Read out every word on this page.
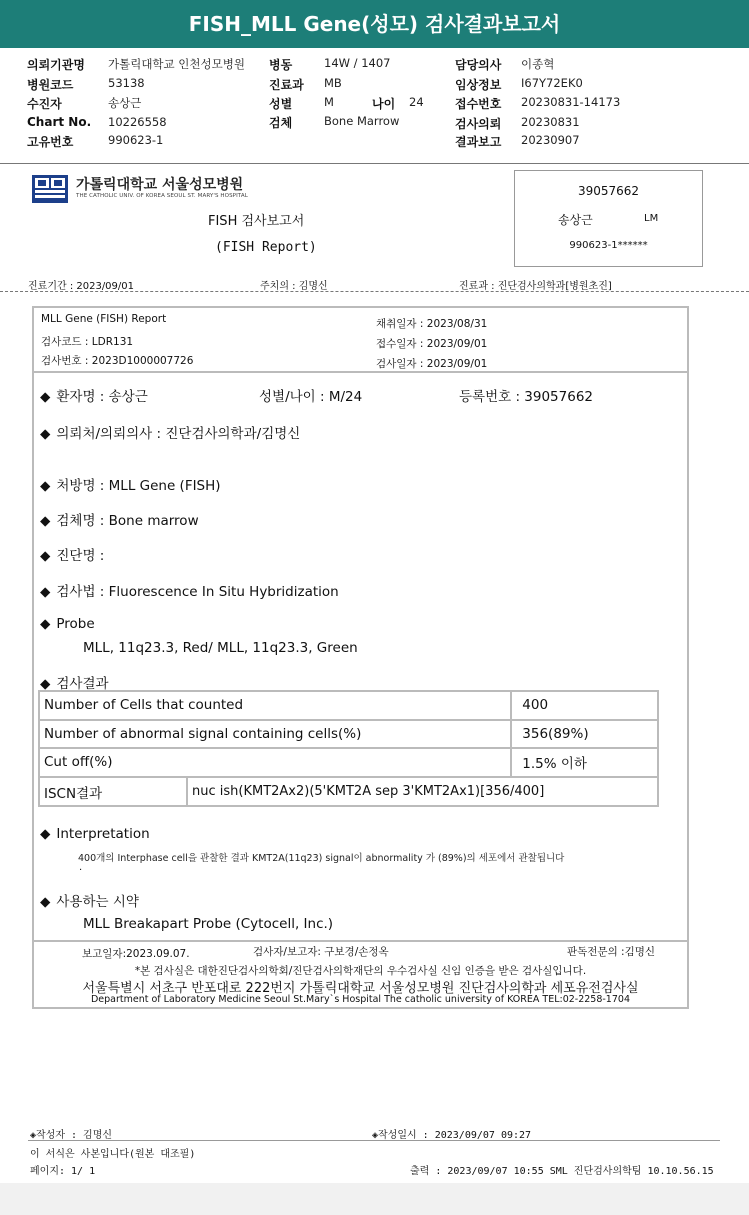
FISH_MLL Gene(성모) 검사결과보고서
의뢰기관명 가톨릭대학교 인천성모병원
병원코드	53138
수진자	송상근
Chart No. 10226558
고유번호	990623-1
병동	14W / 1407
진료과 MB
성별	M	나이 24
검체	Bone Marrow
담당의사 이종혁
임상정보 I67Y72EK0
접수번호 20230831-14173
검사의뢰 20230831
결과보고 20230907
가톨릭대학교 서울성모병원
THE CATHOLIC UNIV. OF KOREA SEOUL ST. MARY'S HOSPITAL
FISH 검사보고서
(FISH Report)
39057662
송상근	LM
990623-1******
진료기간 : 2023/09/01	주치의 : 김명신	진료과 : 진단검사의학과[병원초진]
MLL Gene (FISH) Report
검사코드 : LDR131
검사번호 : 2023D1000007726
채취일자 : 2023/08/31
접수일자 : 2023/09/01
검사일자 : 2023/09/01
◆ 환자명 : 송상근	성별/나이 : M/24	등록번호 : 39057662
◆ 의뢰처/의뢰의사 : 진단검사의학과/김명신
◆ 처방명 : MLL Gene (FISH)
◆ 검체명 : Bone marrow
◆ 진단명 :
◆ 검사법 : Fluorescence In Situ Hybridization
◆ Probe
MLL, 11q23.3, Red/ MLL, 11q23.3, Green
◆ 검사결과
Number of Cells that counted	400
Number of abnormal signal containing cells(%)	356(89%)
Cut off(%)	1.5% 이하
ISCN결과	nuc ish(KMT2Ax2)(5'KMT2A sep 3'KMT2Ax1)[356/400]
◆ Interpretation
400개의 Interphase cell을 관찰한 결과 KMT2A(11q23) signal이 abnormality 가 (89%)의 세포에서 관찰됩니다
.
◆ 사용하는 시약
MLL Breakapart Probe (Cytocell, Inc.)
보고일자:2023.09.07.	검사자/보고자: 구보경/손정옥	판독전문의 :김명신
*본 검사실은 대한진단검사의학회/진단검사의학재단의 우수검사실 신임 인증을 받은 검사실입니다.
서울특별시 서초구 반포대로 222번지 가톨릭대학교 서울성모병원 진단검사의학과 세포유전검사실
Department of Laboratory Medicine Seoul St.Mary`s Hospital The catholic university of KOREA TEL:02-2258-1704
◈작성자 : 김명신	◈작성일시 : 2023/09/07 09:27
이 서식은 사본입니다(원본 대조필)
페이지: 1/ 1	출력 : 2023/09/07 10:55 SML 진단검사의학팀 10.10.56.15
